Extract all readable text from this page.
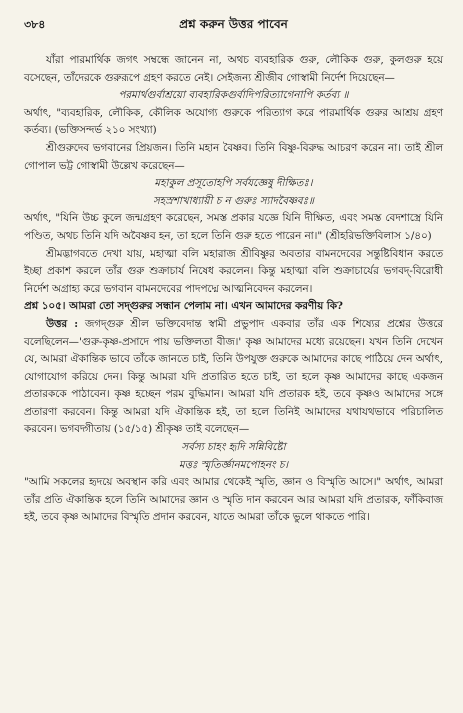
৩৮৪	প্রশ্ন করুন উত্তর পাবেন

যাঁরা পারমার্থিক জগৎ সম্বন্ধে জানেন না, অথচ ব্যবহারিক গুরু, লৌকিক গুরু, কুলগুরু হয়ে বসেছেন, তাঁদেরকে গুরুরূপে গ্রহণ করতে নেই। সেইজন্য শ্রীজীব গোস্বামী নির্দেশ দিয়েছেন—

পরমার্থগুর্বাশ্রয়ো ব্যবহারিকগুর্বাদিপরিত্যাগেনাপি কর্তব্য ॥

অর্থাৎ, "ব্যবহারিক, লৌকিক, কৌলিক অযোগ্য গুরুকে পরিত্যাগ করে পারমার্থিক গুরুর আশ্রয় গ্রহণ কর্তব্য। (ভক্তিসন্দর্ভ ২১০ সংখ্যা)

শ্রীগুরুদেব ভগবানের প্রিয়জন। তিনি মহান বৈষ্ণব। তিনি বিষ্ণু-বিরুদ্ধ আচরণ করেন না। তাই শ্রীল গোপাল ভট্ট গোস্বামী উল্লেখ করেছেন—

মহাকুল প্রসূতোহপি সর্বযজ্ঞেষু দীক্ষিতঃ।

সহস্রশাখাধ্যায়ী চ ন গুরুঃ স্যাদবৈষ্ণবঃ॥

অর্থাৎ, "যিনি উচ্চ কুলে জন্মগ্রহণ করেছেন, সমস্ত প্রকার যজ্ঞে যিনি দীক্ষিত, এবং সমস্ত বেদশাস্ত্রে যিনি পণ্ডিত, অথচ তিনি যদি অবৈষ্ণব হন, তা হলে তিনি গুরু হতে পারেন না।" (শ্রীহরিভক্তিবিলাস ১/৪০)

শ্রীমদ্ভাগবতে দেখা যায়, মহাত্মা বলি মহারাজ শ্রীবিষ্ণুর অবতার বামনদেবের সন্তুষ্টিবিধান করতে ইচ্ছা প্রকাশ করলে তাঁর গুরু শুক্রাচার্য নিষেধ করলেন। কিন্তু মহাত্মা বলি শুক্রাচার্যের ভগবদ্-বিরোধী নির্দেশ অগ্রাহ্য করে ভগবান বামনদেবের পাদপদ্মে আত্মনিবেদন করলেন।

প্রশ্ন ১০৫। আমরা তো সদ্গুরুর সন্ধান পেলাম না। এখন আমাদের করণীয় কি?

উত্তর : জগদ্গুরু শ্রীল ভক্তিবেদান্ত স্বামী প্রভুপাদ একবার তাঁর এক শিষ্যের প্রশ্নের উত্তরে বলেছিলেন—'গুরু-কৃষ্ণ-প্রসাদে পায় ভক্তিলতা বীজ।' কৃষ্ণ আমাদের মধ্যে রয়েছেন। যখন তিনি দেখেন যে, আমরা ঐকান্তিক ভাবে তাঁকে জানতে চাই, তিনি উপযুক্ত গুরুকে আমাদের কাছে পাঠিয়ে দেন অর্থাৎ, যোগাযোগ করিয়ে দেন। কিন্তু আমরা যদি প্রতারিত হতে চাই, তা হলে কৃষ্ণ আমাদের কাছে একজন প্রতারককে পাঠাবেন। কৃষ্ণ হচ্ছেন পরম বুদ্ধিমান। আমরা যদি প্রতারক হই, তবে কৃষ্ণও আমাদের সঙ্গে প্রতারণা করবেন। কিন্তু আমরা যদি ঐকান্তিক হই, তা হলে তিনিই আমাদের যথাযথভাবে পরিচালিত করবেন। ভগবদ্গীতায় (১৫/১৫) শ্রীকৃষ্ণ তাই বলেছেন—

সর্বস্য চাহং হৃদি সন্নিবিষ্টো

মত্তঃ স্মৃতির্জ্ঞানমপোহনং চ।

"আমি সকলের হৃদয়ে অবস্থান করি এবং আমার থেকেই স্মৃতি, জ্ঞান ও বিস্মৃতি আসে।" অর্থাৎ, আমরা তাঁর প্রতি ঐকান্তিক হলে তিনি আমাদের জ্ঞান ও স্মৃতি দান করবেন আর আমরা যদি প্রতারক, ফাঁকিবাজ হই, তবে কৃষ্ণ আমাদের বিস্মৃতি প্রদান করবেন, যাতে আমরা তাঁকে ভুলে থাকতে পারি।
